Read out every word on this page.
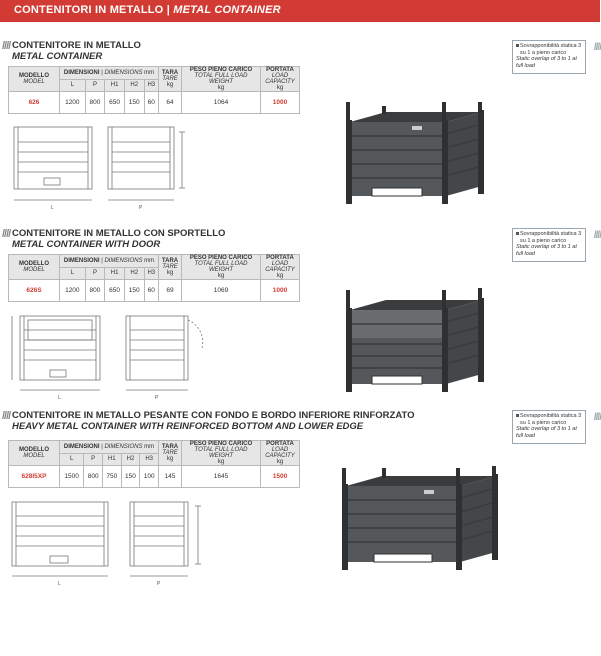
CONTENITORI IN METALLO | METAL CONTAINER
//// CONTENITORE IN METALLO
METAL CONTAINER
MODELLO
MODEL	DIMENSIONI | DIMENSIONS mm					TARA
TARE
kg	PESO PIENO CARICO
TOTAL FULL LOAD WEIGHT
kg	PORTATA
LOAD CAPACITY
kg
	L	P	H1	H2	H3			
626	1200	800	650	150	60	64	1064	1000
L	P
Sovrapponibilità statica 3 su 1 a pieno carico
Static overlap of 3 to 1 at full load
////
//// CONTENITORE IN METALLO CON SPORTELLO
METAL CONTAINER WITH DOOR
MODELLO
MODEL	DIMENSIONI | DIMENSIONS mm					TARA
TARE
kg	PESO PIENO CARICO
TOTAL FULL LOAD WEIGHT
kg	PORTATA
LOAD CAPACITY
kg
	L	P	H1	H2	H3			
626S	1200	800	650	150	60	69	1069	1000
L	P
Sovrapponibilità statica 3 su 1 a pieno carico
Static overlap of 3 to 1 at full load
////
//// CONTENITORE IN METALLO PESANTE CON FONDO E BORDO INFERIORE RINFORZATO
HEAVY METAL CONTAINER WITH REINFORCED BOTTOM AND LOWER EDGE
MODELLO
MODEL	DIMENSIONI | DIMENSIONS mm					TARA
TARE
kg	PESO PIENO CARICO
TOTAL FULL LOAD WEIGHT
kg	PORTATA
LOAD CAPACITY
kg
	L	P	H1	H2	H3			
628I5XP	1500	800	750	150	100	145	1645	1500
L	P
Sovrapponibilità statica 3 su 1 a pieno carico
Static overlap of 3 to 1 at full load
////
